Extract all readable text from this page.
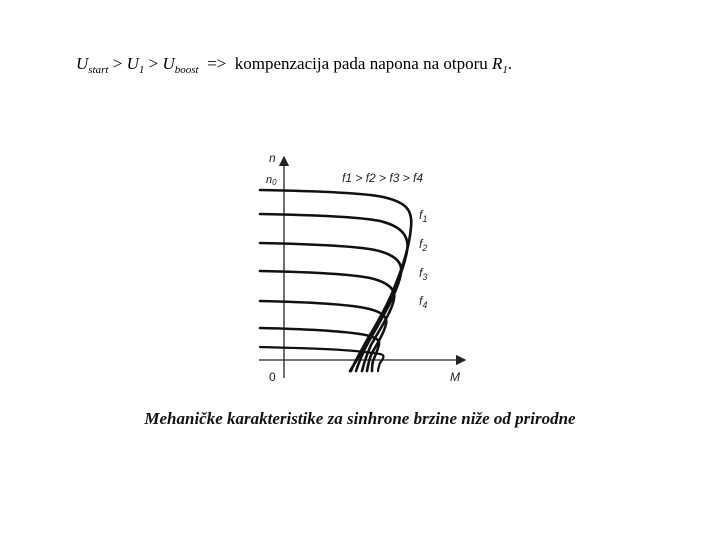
$U_{start} > U_1 > U_{boost}$  =>  kompenzacija pada napona na otporu $R_1$.
n
n0
M
0
f1 > f2 > f3 > f4
$f_1$
$f_2$
$f_3$
$f_4$
Mehaničke karakteristike za sinhrone brzine niže od prirodne
